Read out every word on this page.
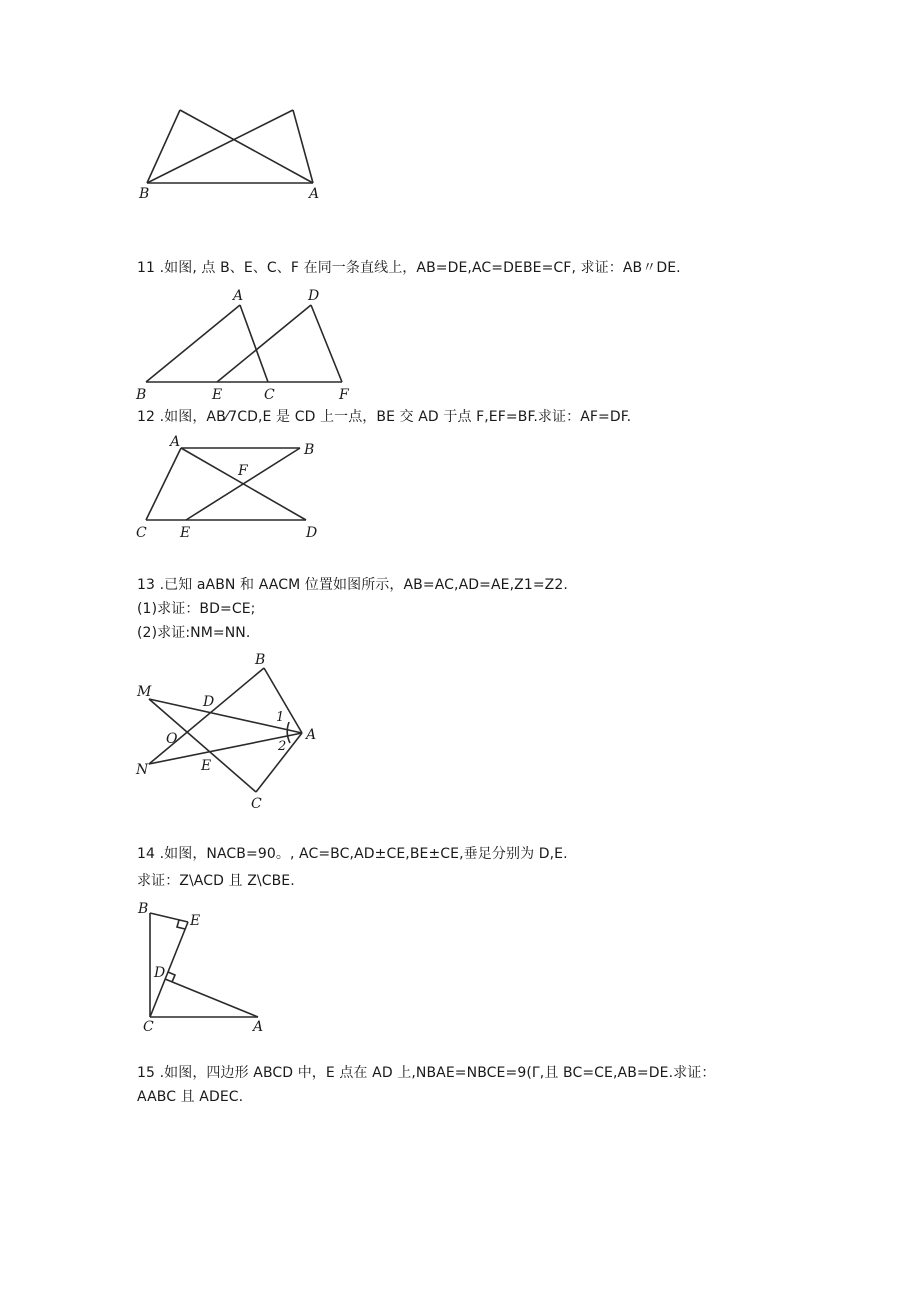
B	A
11 .如图, 点 B、E、C、F 在同一条直线上，AB=DE,AC=DEBE=CF, 求证：AB〃DE.
A	D
B	E	C	F
12 .如图，AB⁄7CD,E 是 CD 上一点，BE 交 AD 于点 F,EF=BF.求证：AF=DF.
A	B
F
C E	D
13 .已知 aABN 和 AACM 位置如图所示，AB=AC,AD=AE,Z1=Z2.
(1)求证：BD=CE;
(2)求证:NM=NN.
B
M
D
1
O	A
2
N	E
C
14 .如图，NACB=90。, AC=BC,AD±CE,BE±CE,垂足分别为 D,E.
求证：Z\ACD 且 Z\CBE.
B
E
D
C	A
15 .如图，四边形 ABCD 中，E 点在 AD 上,NBAE=NBCE=9(Γ,且 BC=CE,AB=DE.求证：
AABC 且 ADEC.
